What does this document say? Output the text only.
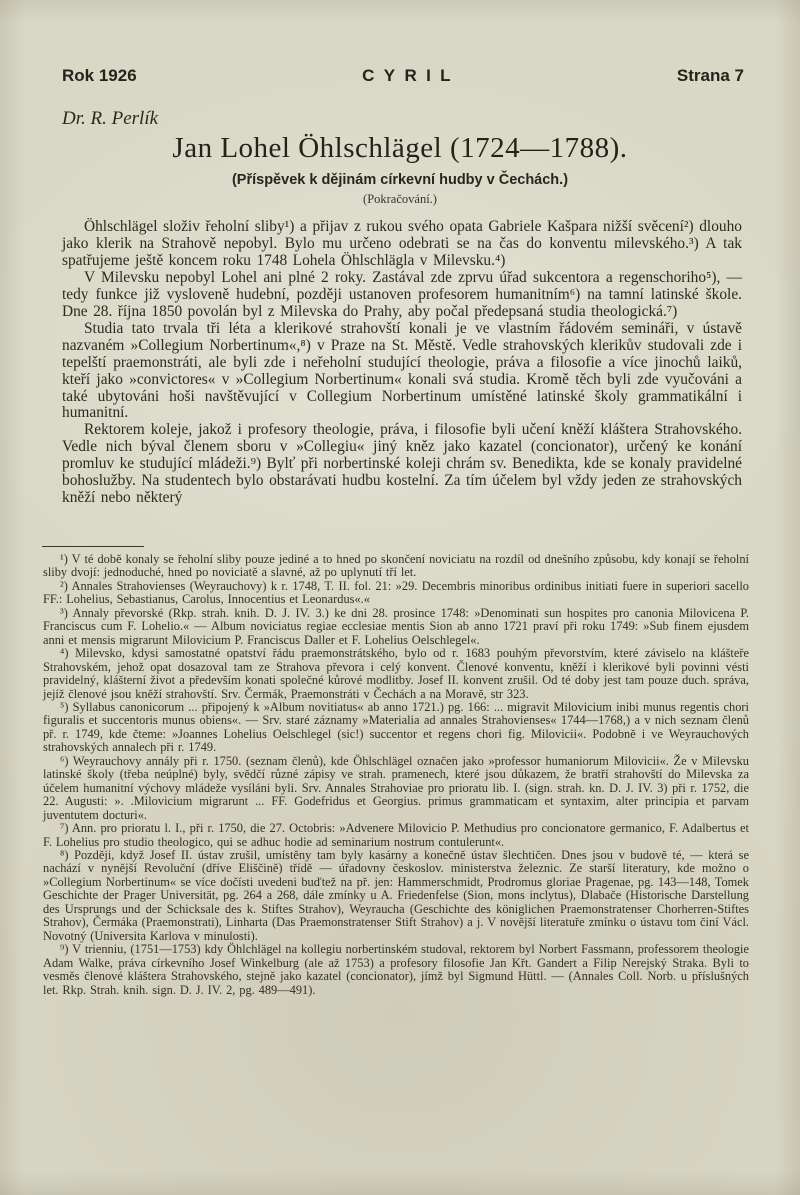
Rok 1926	CYRIL	Strana 7
Dr. R. Perlík
Jan Lohel Öhlschlägel (1724—1788).
(Příspěvek k dějinám církevní hudby v Čechách.)
(Pokračování.)

Öhlschlägel složiv řeholní sliby¹) a přijav z rukou svého opata Gabriele Kašpara nižší svěcení²) dlouho jako klerik na Strahově nepobyl. Bylo mu určeno odebrati se na čas do konventu milevského.³) A tak spatřujeme ještě koncem roku 1748 Lohela Öhlschlägla v Milevsku.⁴)

V Milevsku nepobyl Lohel ani plné 2 roky. Zastával zde zprvu úřad sukcentora a regenschoriho⁵), — tedy funkce již vysloveně hudební, později ustanoven profesorem humanitním⁶) na tamní latinské škole. Dne 28. října 1850 povolán byl z Milevska do Prahy, aby počal předepsaná studia theologická.⁷)

Studia tato trvala tři léta a klerikové strahovští konali je ve vlastním řádovém semináři, v ústavě nazvaném »Collegium Norbertinum«,⁸) v Praze na St. Městě. Vedle strahovských klerikův studovali zde i tepelští praemonstráti, ale byli zde i neřeholní studující theologie, práva a filosofie a více jinochů laiků, kteří jako »convictores« v »Collegium Norbertinum« konali svá studia. Kromě těch byli zde vyučováni a také ubytováni hoši navštěvující v Collegium Norbertinum umístěné latinské školy grammatikální i humanitní.

Rektorem koleje, jakož i profesory theologie, práva, i filosofie byli učení kněží kláštera Strahovského. Vedle nich býval členem sboru v »Collegiu« jiný kněz jako kazatel (concionator), určený ke konání promluv ke studující mládeži.⁹) Bylť při norbertinské koleji chrám sv. Benedikta, kde se konaly pravidelné bohoslužby. Na studentech bylo obstarávati hudbu kostelní. Za tím účelem byl vždy jeden ze strahovských kněží nebo některý

¹) V té době konaly se řeholní sliby pouze jediné a to hned po skončení noviciatu na rozdíl od dnešního způsobu, kdy konají se řeholní sliby dvojí: jednoduché, hned po noviciatě a slavné, až po uplynutí tří let.

²) Annales Strahovienses (Weyrauchovy) k r. 1748, T. II. fol. 21: »29. Decembris minoribus ordinibus initiati fuere in superiori sacello FF.: Lohelius, Sebastianus, Carolus, Innocentius et Leonardus«.«

³) Annaly převorské (Rkp. strah. knih. D. J. IV. 3.) ke dni 28. prosince 1748: »Denominati sun hospites pro canonia Milovicena P. Franciscus cum F. Lohelio.« — Album noviciatus regiae ecclesiae mentis Sion ab anno 1721 praví při roku 1749: »Sub finem ejusdem anni et mensis migrarunt Milovicium P. Franciscus Daller et F. Lohelius Oelschlegel«.

⁴) Milevsko, kdysi samostatné opatství řádu praemonstrátského, bylo od r. 1683 pouhým převorstvím, které záviselo na klášteře Strahovském, jehož opat dosazoval tam ze Strahova převora i celý konvent. Členové konventu, kněží i klerikové byli povinni vésti pravidelný, klášterní život a především konati společné kůrové modlitby. Josef II. konvent zrušil. Od té doby jest tam pouze duch. správa, jejíž členové jsou kněží strahovští. Srv. Čermák, Praemonstráti v Čechách a na Moravě, str 323.

⁵) Syllabus canonicorum ... připojený k »Album novitiatus« ab anno 1721.) pg. 166: ... migravit Milovicium inibi munus regentis chori figuralis et succentoris munus obiens«. — Srv. staré záznamy »Materialia ad annales Strahovienses« 1744—1768,) a v nich seznam členů př. r. 1749, kde čteme: »Joannes Lohelius Oelschlegel (sic!) succentor et regens chori fig. Milovicii«. Podobně i ve Weyrauchových strahovských annalech při r. 1749.

⁶) Weyrauchovy annály při r. 1750. (seznam členů), kde Öhlschlägel označen jako »professor humaniorum Milovicii«. Že v Milevsku latinské školy (třeba neúplné) byly, svědčí různé zápisy ve strah. pramenech, které jsou důkazem, že bratří strahovští do Milevska za účelem humanitní výchovy mládeže vysíláni byli. Srv. Annales Strahoviae pro prioratu lib. I. (sign. strah. kn. D. J. IV. 3) při r. 1752, die 22. Augusti: ». .Milovicium migrarunt ... FF. Godefridus et Georgius. primus grammaticam et syntaxim, alter principia et parvam juventutem docturi«.

⁷) Ann. pro prioratu l. I., při r. 1750, die 27. Octobris: »Advenere Milovicio P. Methudius pro concionatore germanico, F. Adalbertus et F. Lohelius pro studio theologico, qui se adhuc hodie ad seminarium nostrum contulerunt«.

⁸) Později, když Josef II. ústav zrušil, umístěny tam byly kasárny a konečně ústav šlechtičen. Dnes jsou v budově té, — která se nachází v nynější Revoluční (dříve Eliščině) třídě — úřadovny českoslov. ministerstva železnic. Ze starší literatury, kde možno o »Collegium Norbertinum« se více dočísti uvedeni buďtež na př. jen: Hammerschmidt, Prodromus gloriae Pragenae, pg. 143—148, Tomek Geschichte der Prager Universität, pg. 264 a 268, dále zmínky u A. Friedenfelse (Sion, mons inclytus), Dlabače (Historische Darstellung des Ursprungs und der Schicksale des k. Stiftes Strahov), Weyraucha (Geschichte des königlichen Praemonstratenser Chorherren-Stiftes Strahov), Čermáka (Praemonstrati), Linharta (Das Praemonstratenser Stift Strahov) a j. V novější literatuře zmínku o ústavu tom činí Václ. Novotný (Universita Karlova v minulosti).

⁹) V trienniu, (1751—1753) kdy Öhlchlägel na kollegiu norbertinském studoval, rektorem byl Norbert Fassmann, professorem theologie Adam Walke, práva církevního Josef Winkelburg (ale až 1753) a profesory filosofie Jan Křt. Gandert a Filip Nerejský Straka. Byli to vesměs členové kláštera Strahovského, stejně jako kazatel (concionator), jímž byl Sigmund Hüttl. — (Annales Coll. Norb. u příslušných let. Rkp. Strah. knih. sign. D. J. IV. 2, pg. 489—491).
